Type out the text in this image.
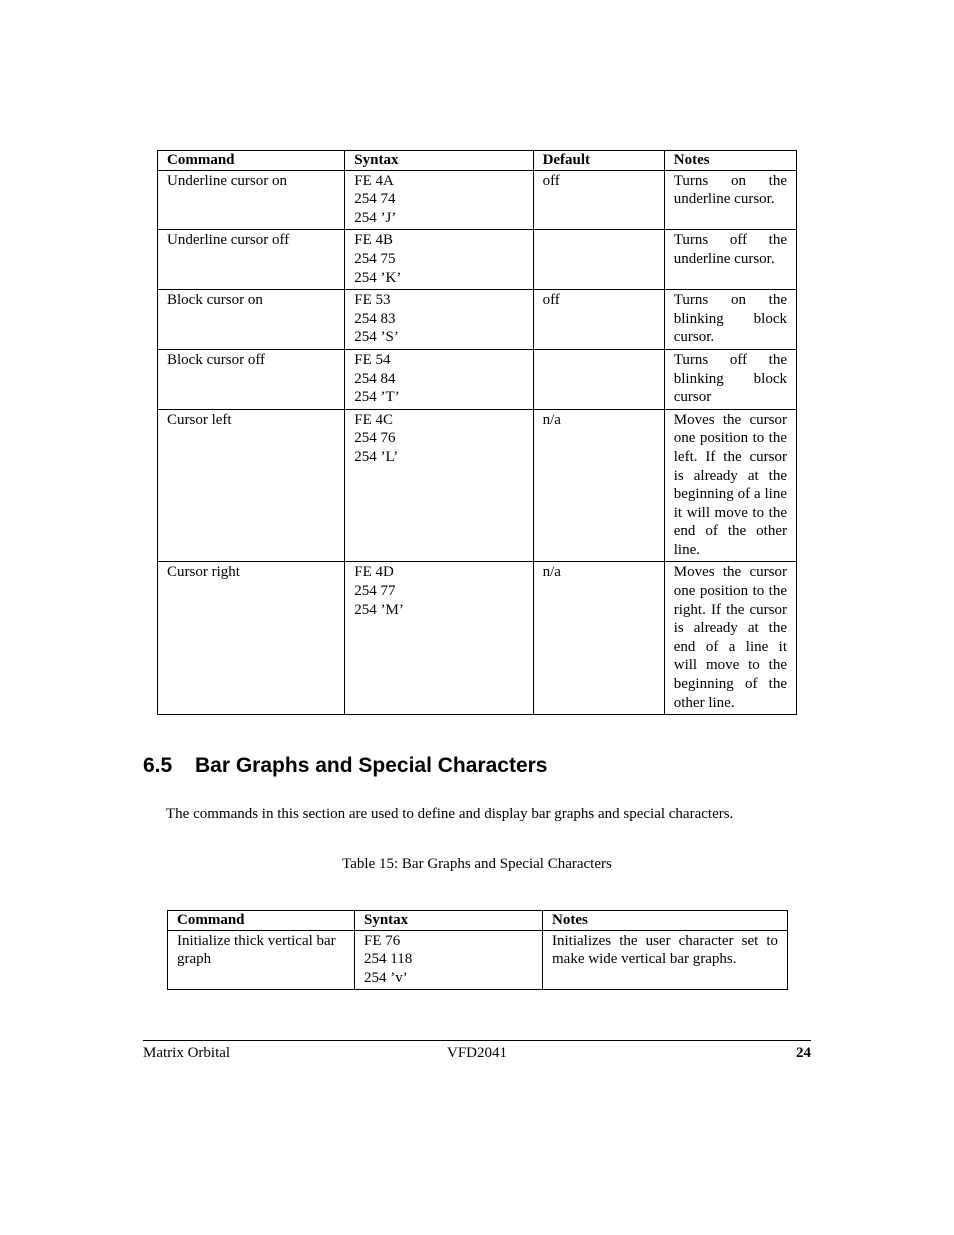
Command	Syntax	Default	Notes
Underline cursor on	FE 4A
254 74
254 ’J’	off	Turns on the underline cursor.
Underline cursor off	FE 4B
254 75
254 ’K’		Turns off the underline cursor.
Block cursor on	FE 53
254 83
254 ’S’	off	Turns on the blinking block cursor.
Block cursor off	FE 54
254 84
254 ’T’		Turns off the blinking block cursor
Cursor left	FE 4C
254 76
254 ’L’	n/a	Moves the cursor one position to the left. If the cursor is already at the beginning of a line it will move to the end of the other line.
Cursor right	FE 4D
254 77
254 ’M’	n/a	Moves the cursor one position to the right. If the cursor is already at the end of a line it will move to the beginning of the other line.
6.5 Bar Graphs and Special Characters

The commands in this section are used to define and display bar graphs and special characters.

Table 15: Bar Graphs and Special Characters

Command	Syntax	Notes
Initialize thick vertical bar graph	FE 76
254 118
254 ’v’	Initializes the user character set to make wide vertical bar graphs.
Matrix Orbital	VFD2041	24
